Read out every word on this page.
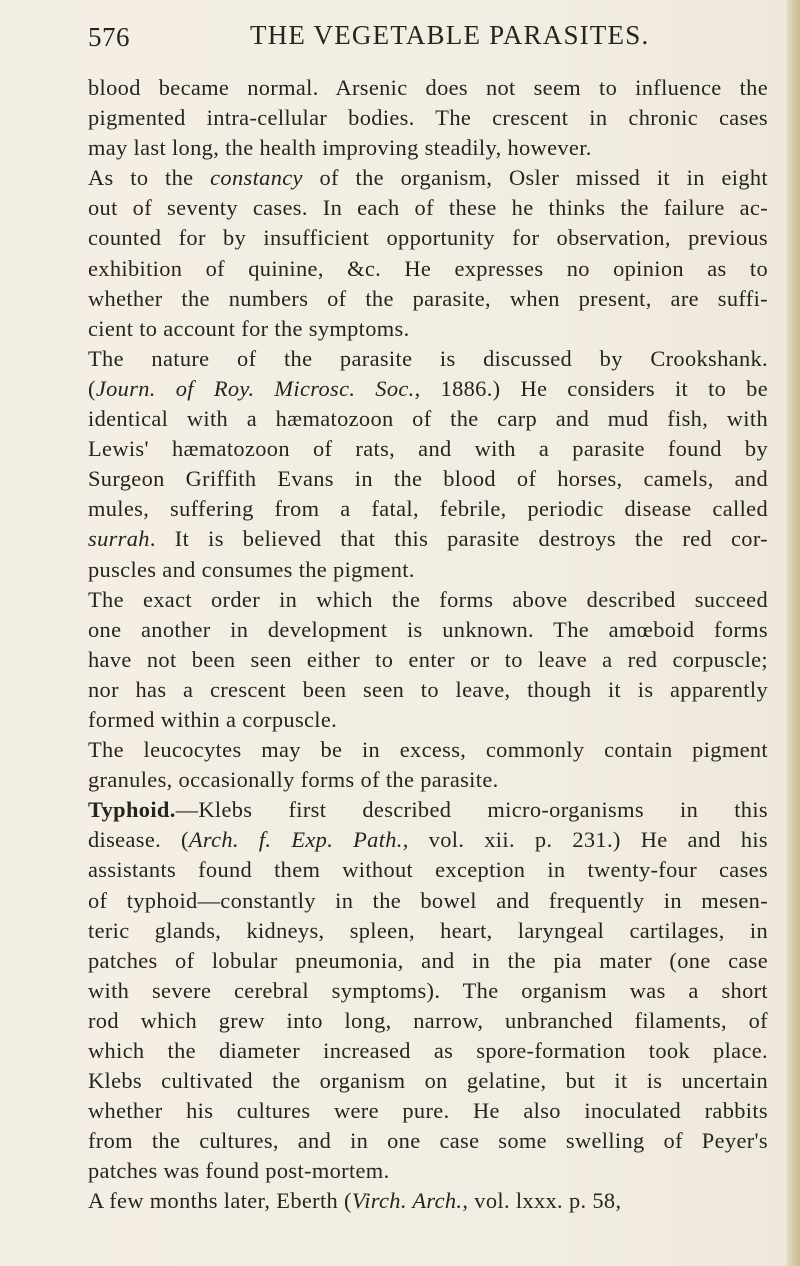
576	THE VEGETABLE PARASITES.
blood became normal. Arsenic does not seem to influence the
pigmented intra-cellular bodies. The crescent in chronic cases
may last long, the health improving steadily, however.
As to the constancy of the organism, Osler missed it in eight
out of seventy cases. In each of these he thinks the failure ac-
counted for by insufficient opportunity for observation, previous
exhibition of quinine, &c. He expresses no opinion as to
whether the numbers of the parasite, when present, are suffi-
cient to account for the symptoms.
The nature of the parasite is discussed by Crookshank.
(Journ. of Roy. Microsc. Soc., 1886.) He considers it to be
identical with a hæmatozoon of the carp and mud fish, with
Lewis' hæmatozoon of rats, and with a parasite found by
Surgeon Griffith Evans in the blood of horses, camels, and
mules, suffering from a fatal, febrile, periodic disease called
surrah. It is believed that this parasite destroys the red cor-
puscles and consumes the pigment.
The exact order in which the forms above described succeed
one another in development is unknown. The amœboid forms
have not been seen either to enter or to leave a red corpuscle;
nor has a crescent been seen to leave, though it is apparently
formed within a corpuscle.
The leucocytes may be in excess, commonly contain pigment
granules, occasionally forms of the parasite.
Typhoid.—Klebs first described micro-organisms in this
disease. (Arch. f. Exp. Path., vol. xii. p. 231.) He and his
assistants found them without exception in twenty-four cases
of typhoid—constantly in the bowel and frequently in mesen-
teric glands, kidneys, spleen, heart, laryngeal cartilages, in
patches of lobular pneumonia, and in the pia mater (one case
with severe cerebral symptoms). The organism was a short
rod which grew into long, narrow, unbranched filaments, of
which the diameter increased as spore-formation took place.
Klebs cultivated the organism on gelatine, but it is uncertain
whether his cultures were pure. He also inoculated rabbits
from the cultures, and in one case some swelling of Peyer's
patches was found post-mortem.
A few months later, Eberth (Virch. Arch., vol. lxxx. p. 58,
